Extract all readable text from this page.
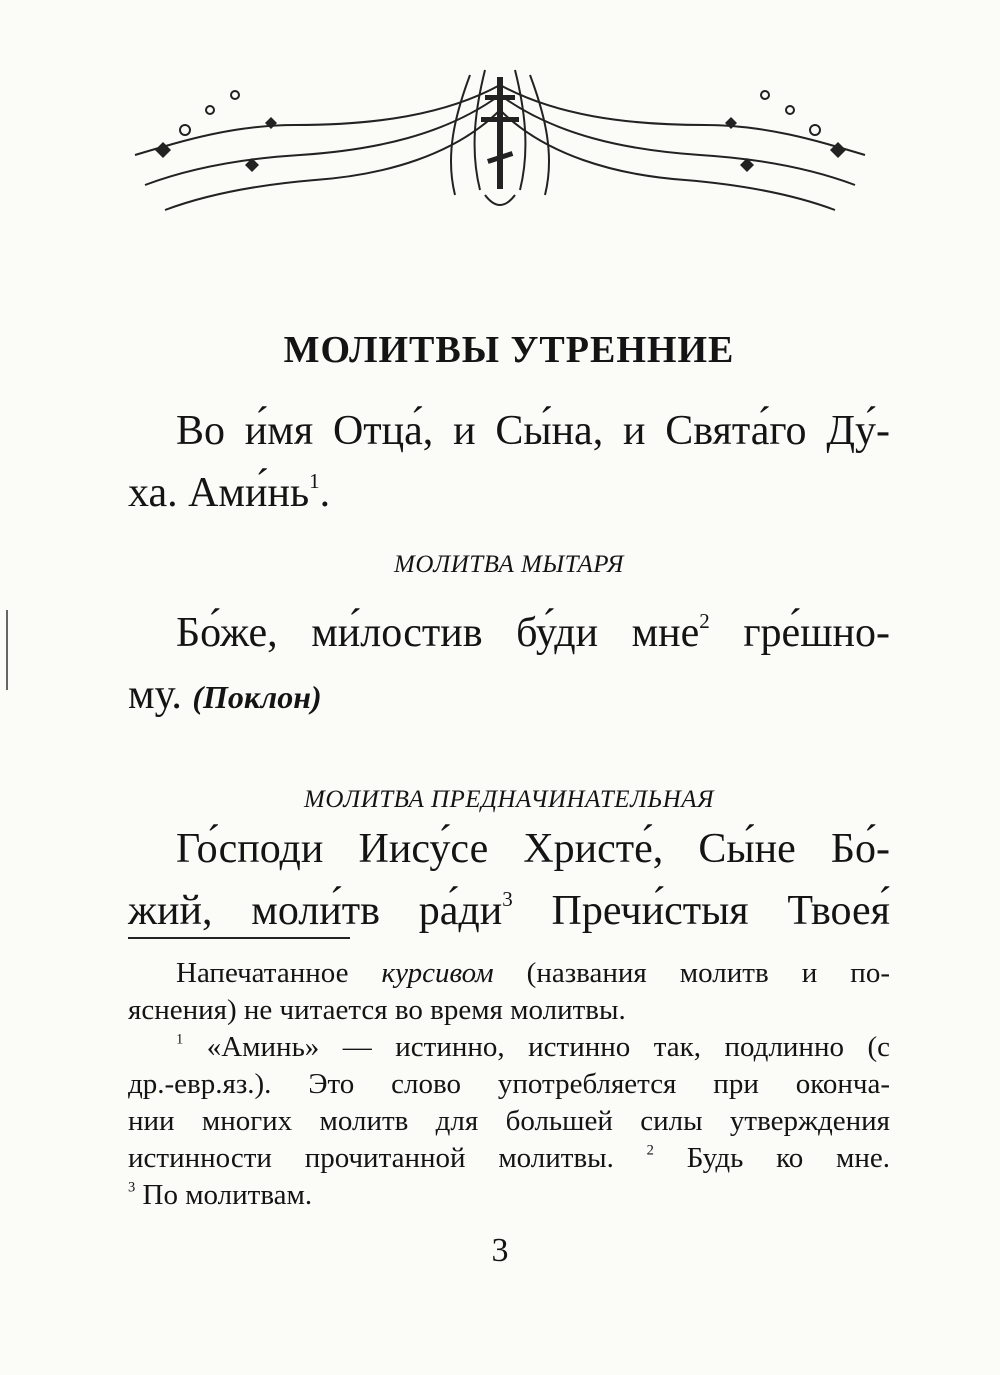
МОЛИТВЫ УТРЕННИЕ
Во и́мя Отца́, и Сы́на, и Свята́го Ду́-
ха. $Ами́нь^1$.
МОЛИТВА МЫТАРЯ
Бо́же, ми́лостив бу́ди мне$^2$ гре́шно-
му. (Поклон)
МОЛИТВА ПРЕДНАЧИНАТЕЛЬНАЯ
Го́споди Иису́се Христе́, Сы́не Бо́-
жий, моли́тв $ра́ди^3$ Пречи́стыя Твоея́
Напечатанное курсивом (названия молитв и по-
яснения) не читается во время молитвы.
$^1$ «Аминь» — истинно, истинно так, подлинно (с
др.-евр.яз.). Это слово употребляется при оконча-
нии многих молитв для большей силы утверждения
истинности прочитанной молитвы. $^2$ Будь ко мне.
$^3$ По молитвам.
3
